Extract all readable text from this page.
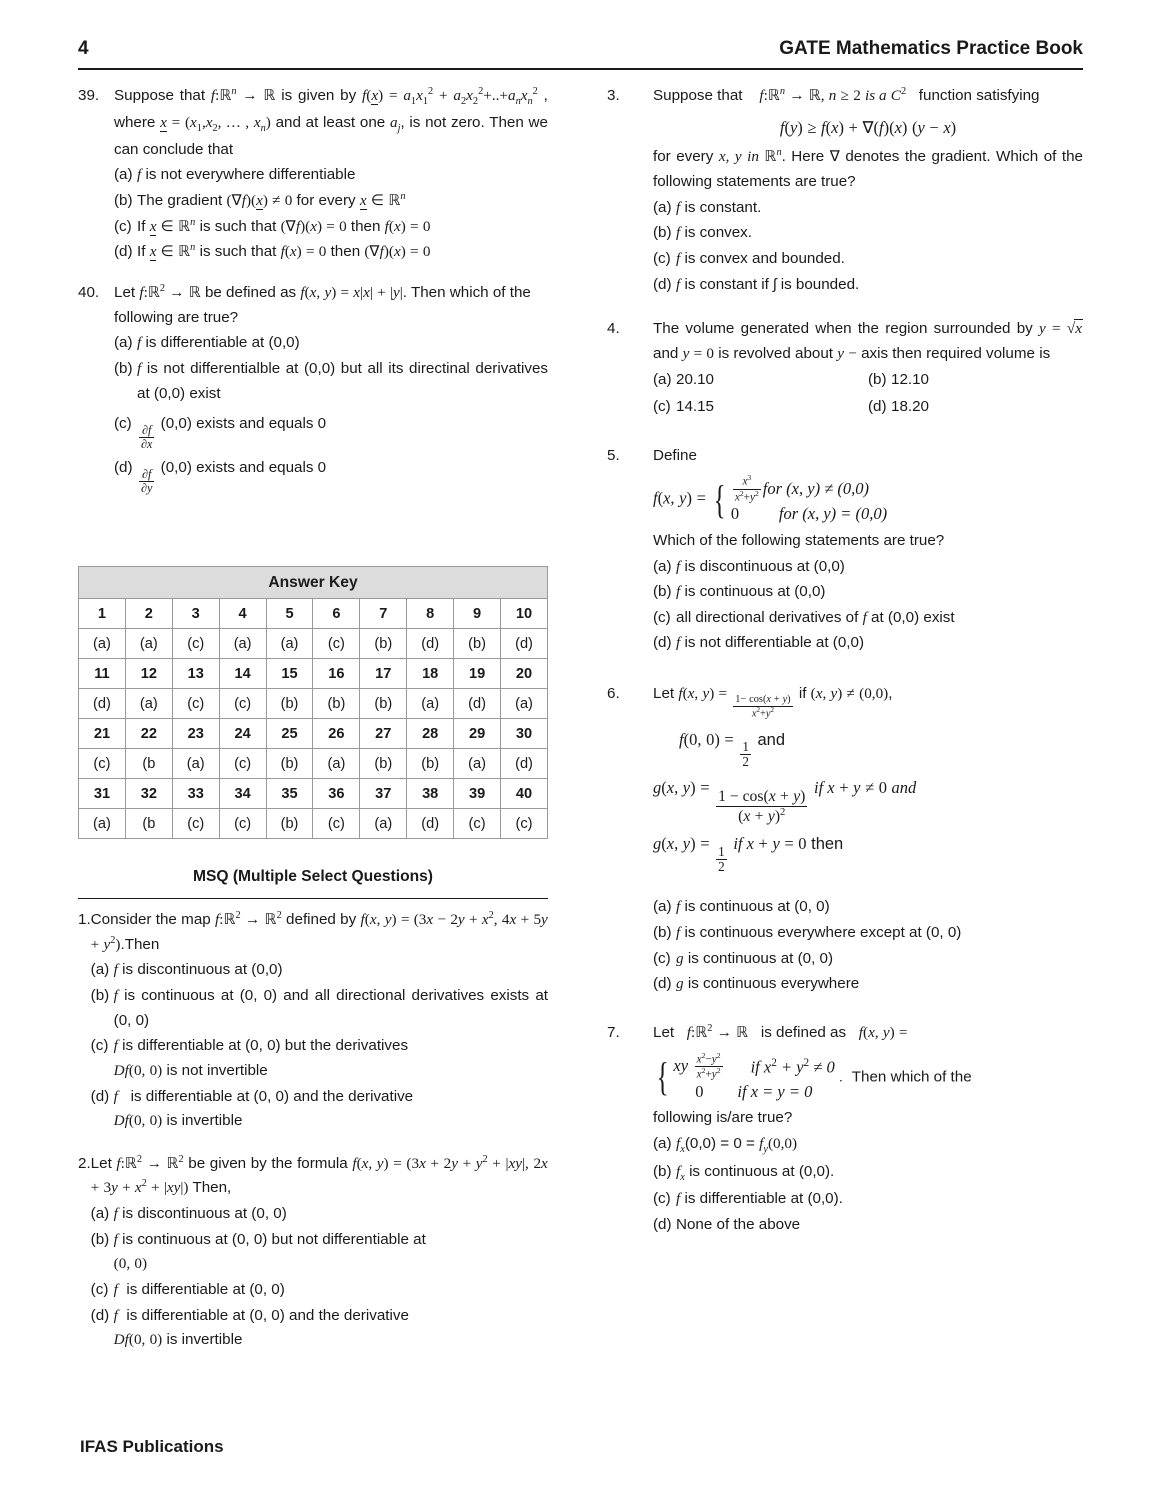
4	GATE Mathematics Practice Book
39. Suppose that f:ℝ$^n$ → ℝ is given by $f(x) = a_1x_1^2 + a_2x_2^2+..+a_nx_n^2$ , where $x = (x_1,x_2$, … , $x_n$) and at least one $a_j$, is not zero. Then we can conclude that
(a) f is not everywhere differentiable
(b) The gradient (∇f)(x) ≠ 0 for every x ∈ ℝ$^n$
(c) If x ∈ ℝ$^n$ is such that (∇f)(x) = 0 then f(x) = 0
(d) If x ∈ ℝ$^n$ is such that f(x) = 0 then (∇f)(x) = 0
40. Let f:ℝ$^2$ → ℝ be defined as f(x, y) = x|x| + |y|. Then which of the following are true?
(a) f is differentiable at (0,0)
(b) f is not differentialble at (0,0) but all its directinal derivatives at (0,0) exist
(c)
$\frac{\partial f}{\partial x}$
(0,0) exists and equals 0
(d)
$\frac{\partial f}{\partial y}$
(0,0) exists and equals 0
Answer Key									
1	2	3	4	5	6	7	8	9	10
(a)	(a)	(c)	(a)	(a)	(c)	(b)	(d)	(b)	(d)
11	12	13	14	15	16	17	18	19	20
(d)	(a)	(c)	(c)	(b)	(b)	(b)	(a)	(d)	(a)
21	22	23	24	25	26	27	28	29	30
(c)	(b	(a)	(c)	(b)	(a)	(b)	(b)	(a)	(d)
31	32	33	34	35	36	37	38	39	40
(a)	(b	(c)	(c)	(b)	(c)	(a)	(d)	(c)	(c)
MSQ (Multiple Select Questions)
1. Consider the map f:ℝ$^2$ → ℝ$^2$ defined by f(x, $y) = (3x - 2y + x^2$, $4x + 5y + y^2).Then$
(a) f is discontinuous at (0,0)
(b) f is continuous at (0, 0) and all directional derivatives exists at (0, 0)
(c) f is differentiable at (0, 0) but the derivatives
Df(0, 0) is not invertible
(d) f is differentiable at (0, 0) and the derivative
Df(0, 0) is invertible
2. Let f:ℝ$^2$ → ℝ$^2$ be given by the formula f(x, $y) = (3x + 2y + y^2 + |xy|$, $2x + 3y + x^2 + |xy|$) Then,
(a) f is discontinuous at (0, 0)
(b) f is continuous at (0, 0) but not differentiable at
(0, 0)
(c) f is differentiable at (0, 0)
(d) f is differentiable at (0, 0) and the derivative
Df(0, 0) is invertible
3.	Suppose that f:ℝ$^n$ → ℝ, n ≥ 2 is a $C^2$ function satisfying
f(y) ≥ f(x) + ∇(f)(x) (y − x)
for every x, y in ℝ$^n$. Here ∇ denotes the gradient. Which of the following statements are true?
(a) f is constant.
(b) f is convex.
(c) f is convex and bounded.
(d) f is constant if ʃ is bounded.
4.	The volume generated when the region surrounded by y = √x and y = 0 is revolved about y − axis then required volume is
(a) 20.10	(b) 12.10
(c) 14.15	(d) 18.20
5.	Define
f(x, y) = { $\frac{x^3}{x^2+y^2}$ for (x, y) ≠ (0,0)
0	for (x, y) = (0,0)
Which of the following statements are true?
(a) f is discontinuous at (0,0)
(b) f is continuous at (0,0)
(c) all directional derivatives of f at (0,0) exist
(d) f is not differentiable at (0,0)
6.	Let f(x, y) =
$\frac{1- \cos(x + y)}{x^2+y^2}$
if (x, y) ≠ (0,0),
f(0, 0) =
$\frac{1}{2}$
and
g(x, y) =
$\frac{1 - \cos(x + y)}{(x + y)^2}$
if x + y ≠ 0 and
g(x, y) =
$\frac{1}{2}$
if x + y = 0 then
(a) f is continuous at (0, 0)
(b) f is continuous everywhere except at (0, 0)
(c) g is continuous at (0, 0)
(d) g is continuous everywhere
7.	Let f:ℝ$^2$ → ℝ is defined as f(x, y) =
{ xy
$\frac{x^2-y^2}{x^2+y^2}$	if $x^2 + y^2 \ne 0$
0	if x = y = 0
. Then which of the
following is/are true?
(a) $f_x(0,0) = 0 = f_y(0,0)$
(b) $f_x$ is continuous at (0,0).
(c) f is differentiable at (0,0).
(d) None of the above
IFAS Publications
